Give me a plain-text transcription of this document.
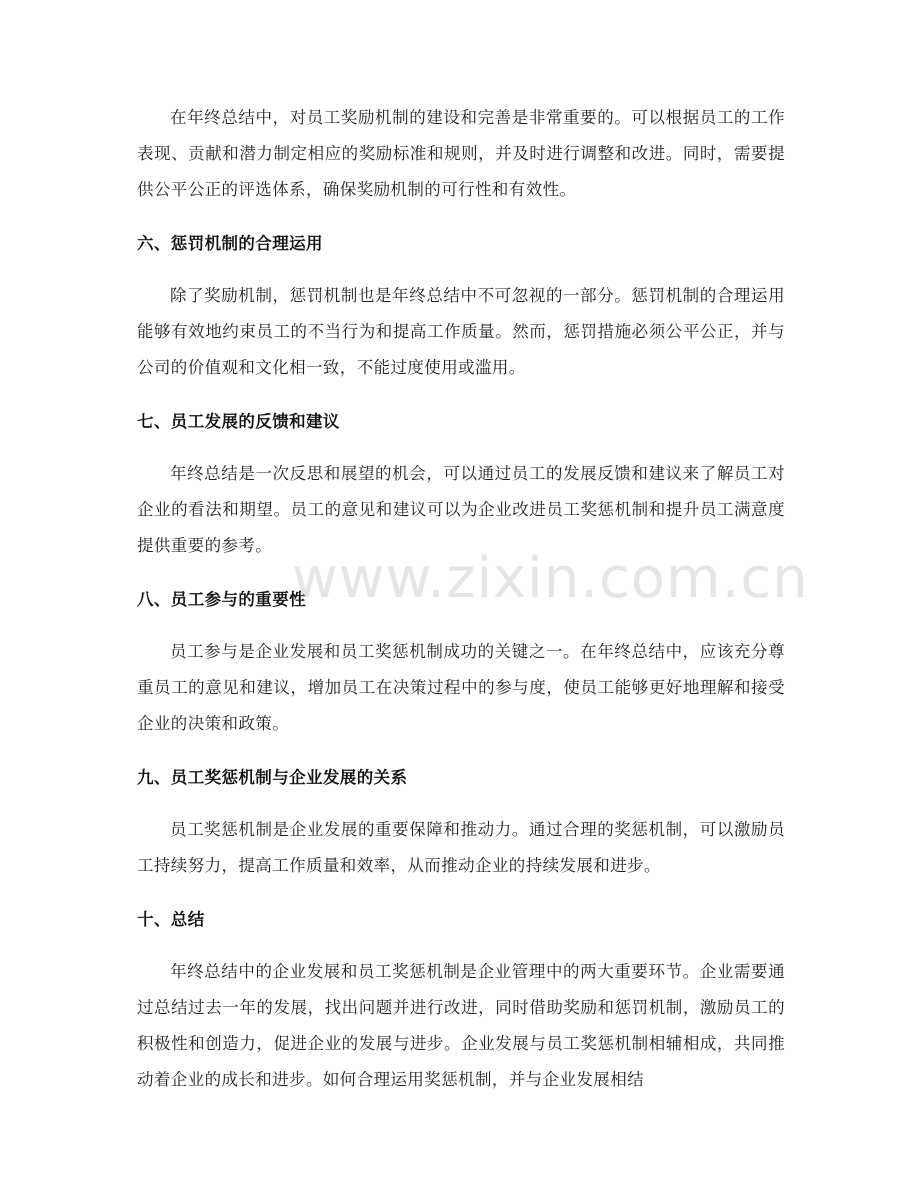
在年终总结中，对员工奖励机制的建设和完善是非常重要的。可以根据员工的工作表现、贡献和潜力制定相应的奖励标准和规则，并及时进行调整和改进。同时，需要提供公平公正的评选体系，确保奖励机制的可行性和有效性。

六、惩罚机制的合理运用

除了奖励机制，惩罚机制也是年终总结中不可忽视的一部分。惩罚机制的合理运用能够有效地约束员工的不当行为和提高工作质量。然而，惩罚措施必须公平公正，并与公司的价值观和文化相一致，不能过度使用或滥用。

七、员工发展的反馈和建议

年终总结是一次反思和展望的机会，可以通过员工的发展反馈和建议来了解员工对企业的看法和期望。员工的意见和建议可以为企业改进员工奖惩机制和提升员工满意度提供重要的参考。

八、员工参与的重要性

员工参与是企业发展和员工奖惩机制成功的关键之一。在年终总结中，应该充分尊重员工的意见和建议，增加员工在决策过程中的参与度，使员工能够更好地理解和接受企业的决策和政策。

九、员工奖惩机制与企业发展的关系

员工奖惩机制是企业发展的重要保障和推动力。通过合理的奖惩机制，可以激励员工持续努力，提高工作质量和效率，从而推动企业的持续发展和进步。

十、总结

年终总结中的企业发展和员工奖惩机制是企业管理中的两大重要环节。企业需要通过总结过去一年的发展，找出问题并进行改进，同时借助奖励和惩罚机制，激励员工的积极性和创造力，促进企业的发展与进步。企业发展与员工奖惩机制相辅相成，共同推动着企业的成长和进步。如何合理运用奖惩机制，并与企业发展相结

www.zixin.com.cn
